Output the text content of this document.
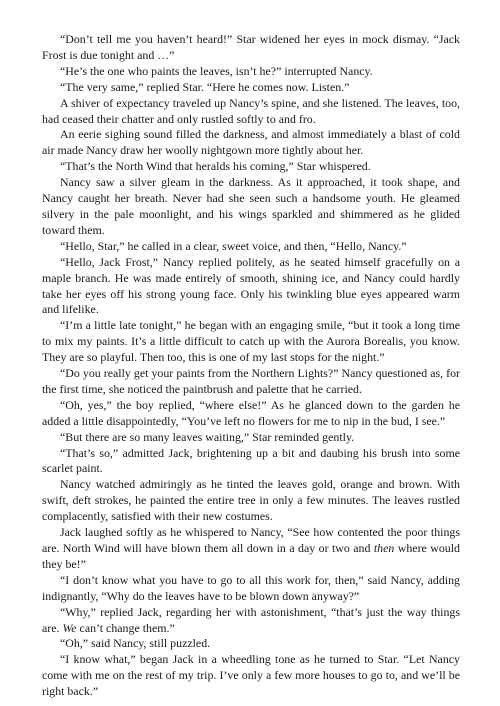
“Don’t tell me you haven’t heard!” Star widened her eyes in mock dismay. “Jack Frost is due tonight and …”

“He’s the one who paints the leaves, isn’t he?” interrupted Nancy.

“The very same,” replied Star. “Here he comes now. Listen.”

A shiver of expectancy traveled up Nancy’s spine, and she listened. The leaves, too, had ceased their chatter and only rustled softly to and fro.

An eerie sighing sound filled the darkness, and almost immediately a blast of cold air made Nancy draw her woolly nightgown more tightly about her.

“That’s the North Wind that heralds his coming,” Star whispered.

Nancy saw a silver gleam in the darkness. As it approached, it took shape, and Nancy caught her breath. Never had she seen such a handsome youth. He gleamed silvery in the pale moonlight, and his wings sparkled and shimmered as he glided toward them.

“Hello, Star,” he called in a clear, sweet voice, and then, “Hello, Nancy.”

“Hello, Jack Frost,” Nancy replied politely, as he seated himself gracefully on a maple branch. He was made entirely of smooth, shining ice, and Nancy could hardly take her eyes off his strong young face. Only his twinkling blue eyes appeared warm and lifelike.

“I’m a little late tonight,” he began with an engaging smile, “but it took a long time to mix my paints. It’s a little difficult to catch up with the Aurora Borealis, you know. They are so playful. Then too, this is one of my last stops for the night.”

“Do you really get your paints from the Northern Lights?” Nancy questioned as, for the first time, she noticed the paintbrush and palette that he carried.

“Oh, yes,” the boy replied, “where else!” As he glanced down to the garden he added a little disappointedly, “You’ve left no flowers for me to nip in the bud, I see.”

“But there are so many leaves waiting,” Star reminded gently.

“That’s so,” admitted Jack, brightening up a bit and daubing his brush into some scarlet paint.

Nancy watched admiringly as he tinted the leaves gold, orange and brown. With swift, deft strokes, he painted the entire tree in only a few minutes. The leaves rustled complacently, satisfied with their new costumes.

Jack laughed softly as he whispered to Nancy, “See how contented the poor things are. North Wind will have blown them all down in a day or two and then where would they be!”

“I don’t know what you have to go to all this work for, then,” said Nancy, adding indignantly, “Why do the leaves have to be blown down anyway?”

“Why,” replied Jack, regarding her with astonishment, “that’s just the way things are. We can’t change them.”

“Oh,” said Nancy, still puzzled.

“I know what,” began Jack in a wheedling tone as he turned to Star. “Let Nancy come with me on the rest of my trip. I’ve only a few more houses to go to, and we’ll be right back.”
